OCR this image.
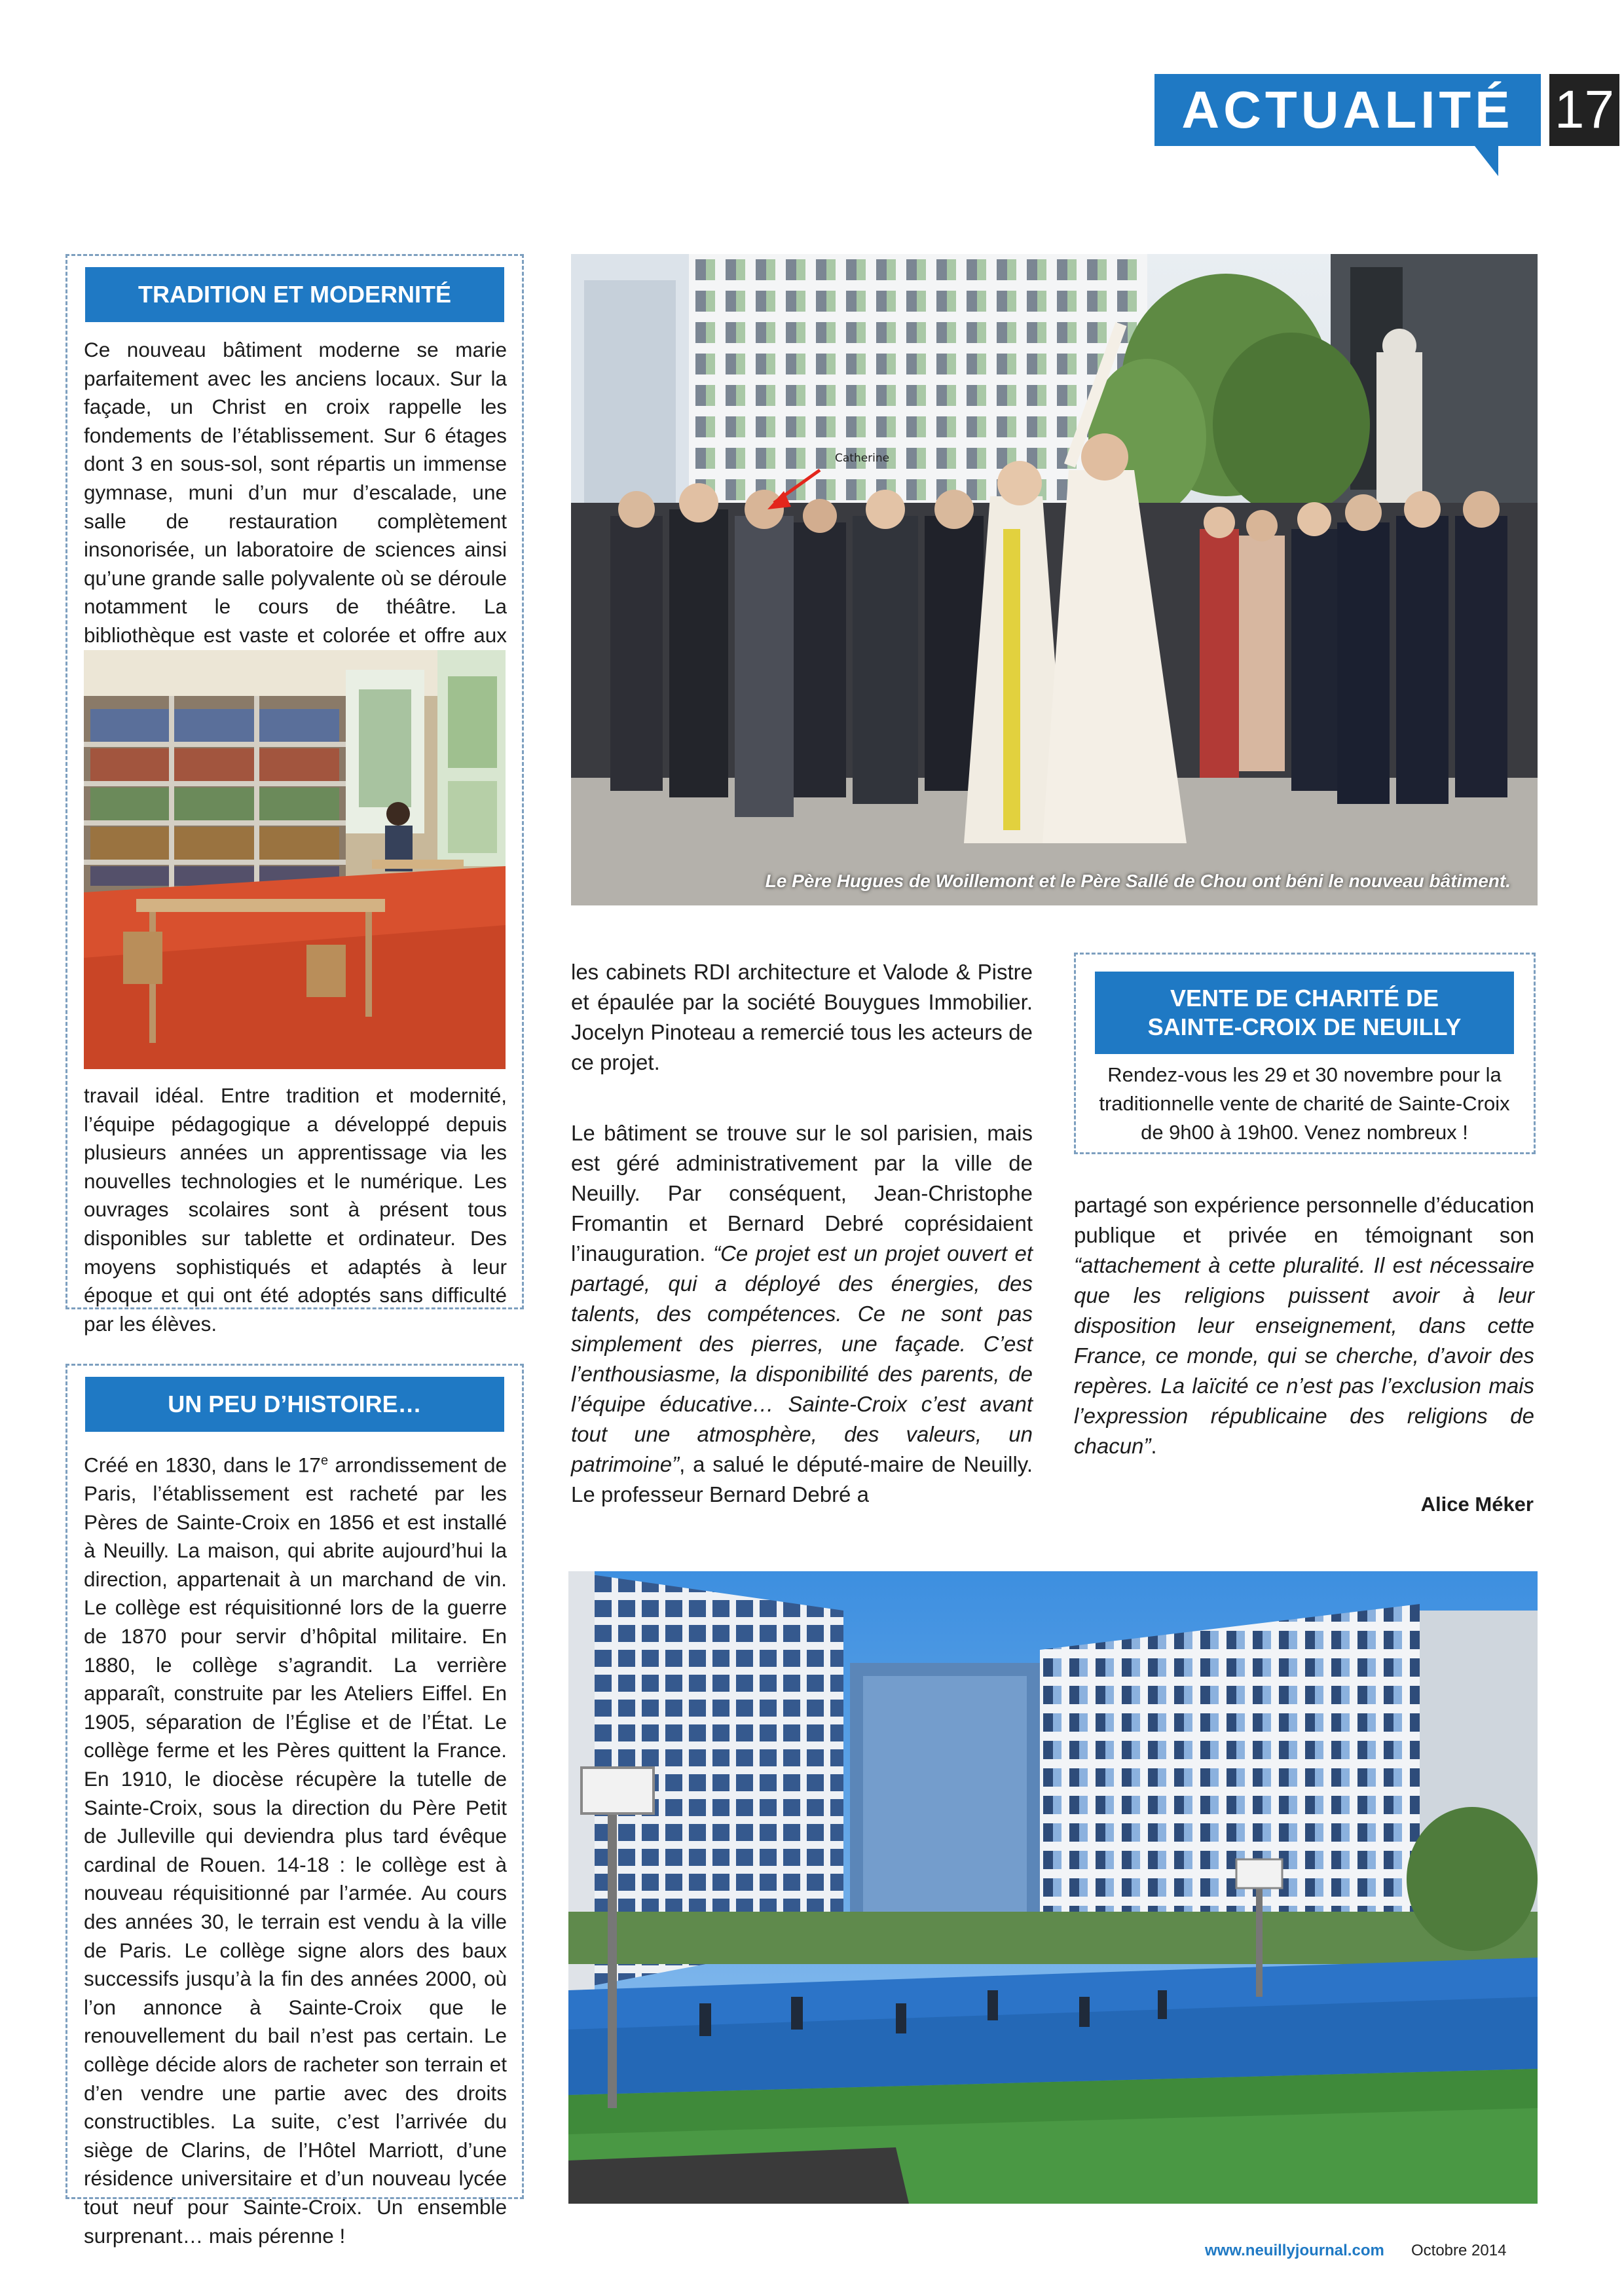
ACTUALITÉ 17
TRADITION ET MODERNITÉ
Ce nouveau bâtiment moderne se marie parfaitement avec les anciens locaux. Sur la façade, un Christ en croix rappelle les fondements de l’établissement. Sur 6 étages dont 3 en sous-sol, sont répartis un immense gymnase, muni d’un mur d’escalade, une salle de restauration complètement insonorisée, un laboratoire de sciences ainsi qu’une grande salle polyvalente où se déroule notamment le cours de théâtre. La bibliothèque est vaste et colorée et offre aux
travail idéal. Entre tradition et modernité, l’équipe pédagogique a développé depuis plusieurs années un apprentissage via les nouvelles technologies et le numérique. Les ouvrages scolaires sont à présent tous disponibles sur tablette et ordinateur. Des moyens sophistiqués et adaptés à leur époque et qui ont été adoptés sans difficulté par les élèves.
UN PEU D’HISTOIRE…
Créé en 1830, dans le 17e arrondissement de Paris, l’établissement est racheté par les Pères de Sainte-Croix en 1856 et est installé à Neuilly. La maison, qui abrite aujourd’hui la direction, appartenait à un marchand de vin. Le collège est réquisitionné lors de la guerre de 1870 pour servir d’hôpital militaire. En 1880, le collège s’agrandit. La verrière apparaît, construite par les Ateliers Eiffel. En 1905, séparation de l’Église et de l’État. Le collège ferme et les Pères quittent la France. En 1910, le diocèse récupère la tutelle de Sainte-Croix, sous la direction du Père Petit de Julleville qui deviendra plus tard évêque cardinal de Rouen. 14-18 : le collège est à nouveau réquisitionné par l’armée. Au cours des années 30, le terrain est vendu à la ville de Paris. Le collège signe alors des baux successifs jusqu’à la fin des années 2000, où l’on annonce à Sainte-Croix que le renouvellement du bail n’est pas certain. Le collège décide alors de racheter son terrain et d’en vendre une partie avec des droits constructibles. La suite, c’est l’arrivée du siège de Clarins, de l’Hôtel Marriott, d’une résidence universitaire et d’un nouveau lycée tout neuf pour Sainte-Croix. Un ensemble surprenant… mais pérenne !
Catherine
Le Père Hugues de Woillemont et le Père Sallé de Chou ont béni le nouveau bâtiment.
les cabinets RDI architecture et Valode & Pistre et épaulée par la société Bouygues Immobilier. Jocelyn Pinoteau a remercié tous les acteurs de ce projet.
Le bâtiment se trouve sur le sol parisien, mais est géré administrativement par la ville de Neuilly. Par conséquent, Jean-Christophe Fromantin et Bernard Debré coprésidaient l’inauguration. “Ce projet est un projet ouvert et partagé, qui a déployé des énergies, des talents, des compétences. Ce ne sont pas simplement des pierres, une façade. C’est l’enthousiasme, la disponibilité des parents, de l’équipe éducative… Sainte-Croix c’est avant tout une atmosphère, des valeurs, un patrimoine”, a salué le député-maire de Neuilly. Le professeur Bernard Debré a
VENTE DE CHARITÉ DE SAINTE-CROIX DE NEUILLY
Rendez-vous les 29 et 30 novembre pour la traditionnelle vente de charité de Sainte-Croix de 9h00 à 19h00. Venez nombreux !
partagé son expérience personnelle d’éducation publique et privée en témoignant son “attachement à cette pluralité. Il est nécessaire que les religions puissent avoir à leur disposition leur enseignement, dans cette France, ce monde, qui se cherche, d’avoir des repères. La laïcité ce n’est pas l’exclusion mais l’expression républicaine des religions de chacun”.
Alice Méker
www.neuillyjournal.com Octobre 2014
